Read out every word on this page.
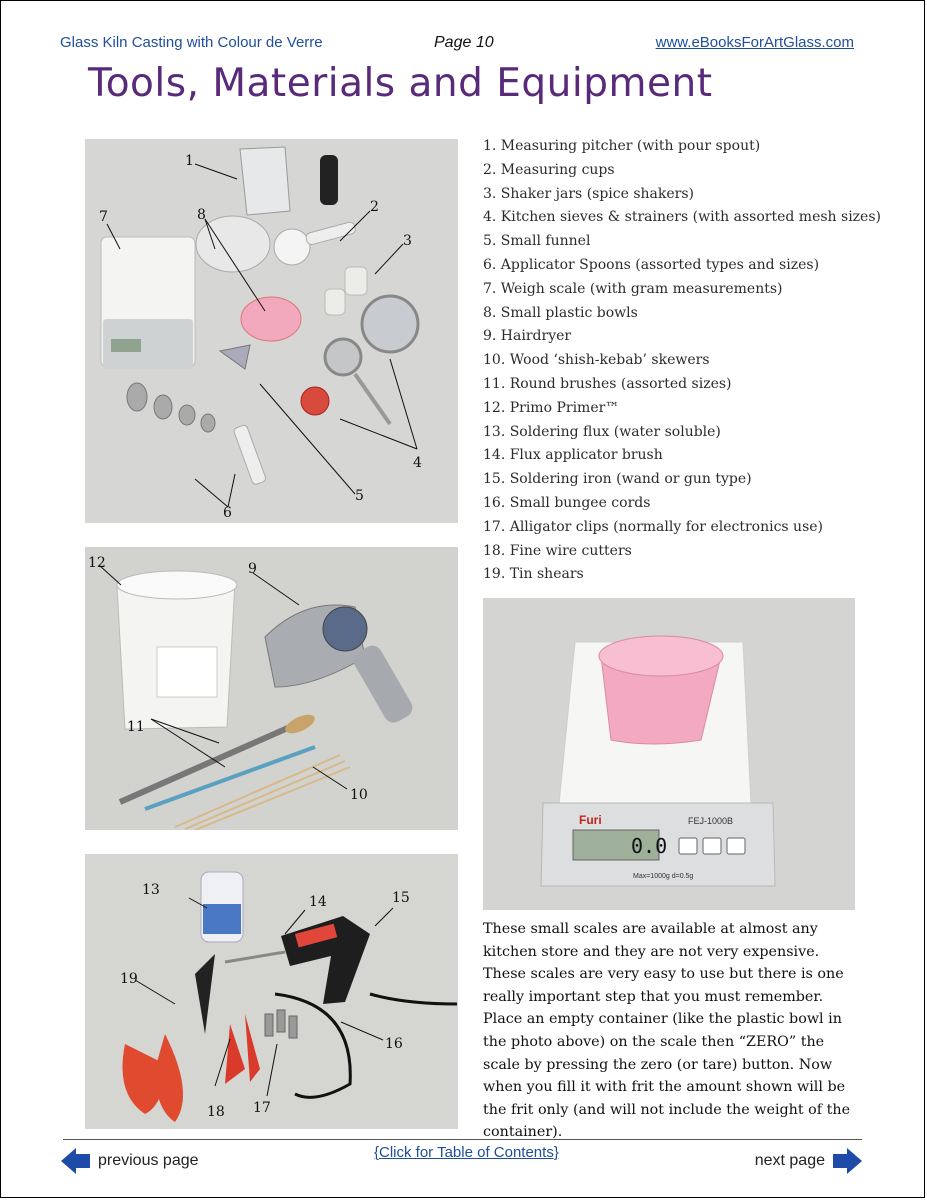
Glass Kiln Casting with Colour de Verre	Page 10	www.eBooksForArtGlass.com
Tools, Materials and Equipment
1
2
3
4
5
6
7	8
9
10
11
12
13
14	15
16
17
18
19
0.0
Furi	FEJ-1000B
Max=1000g d=0.5g
1. Measuring pitcher (with pour spout)
2. Measuring cups
3. Shaker jars (spice shakers)
4. Kitchen sieves & strainers (with assorted mesh sizes)
5. Small funnel
6. Applicator Spoons (assorted types and sizes)
7. Weigh scale (with gram measurements)
8. Small plastic bowls
9. Hairdryer
10. Wood ‘shish-kebab’ skewers
11. Round brushes (assorted sizes)
12. Primo Primer™
13. Soldering flux (water soluble)
14. Flux applicator brush
15. Soldering iron (wand or gun type)
16. Small bungee cords
17. Alligator clips (normally for electronics use)
18. Fine wire cutters
19. Tin shears

These small scales are available at almost any kitchen store and they are not very expensive. These scales are very easy to use but there is one really important step that you must remember. Place an empty container (like the plastic bowl in the photo above) on the scale then “ZERO” the scale by pressing the zero (or tare) button. Now when you fill it with frit the amount shown will be the frit only (and will not include the weight of the container).

previous page	{Click for Table of Contents}	next page
